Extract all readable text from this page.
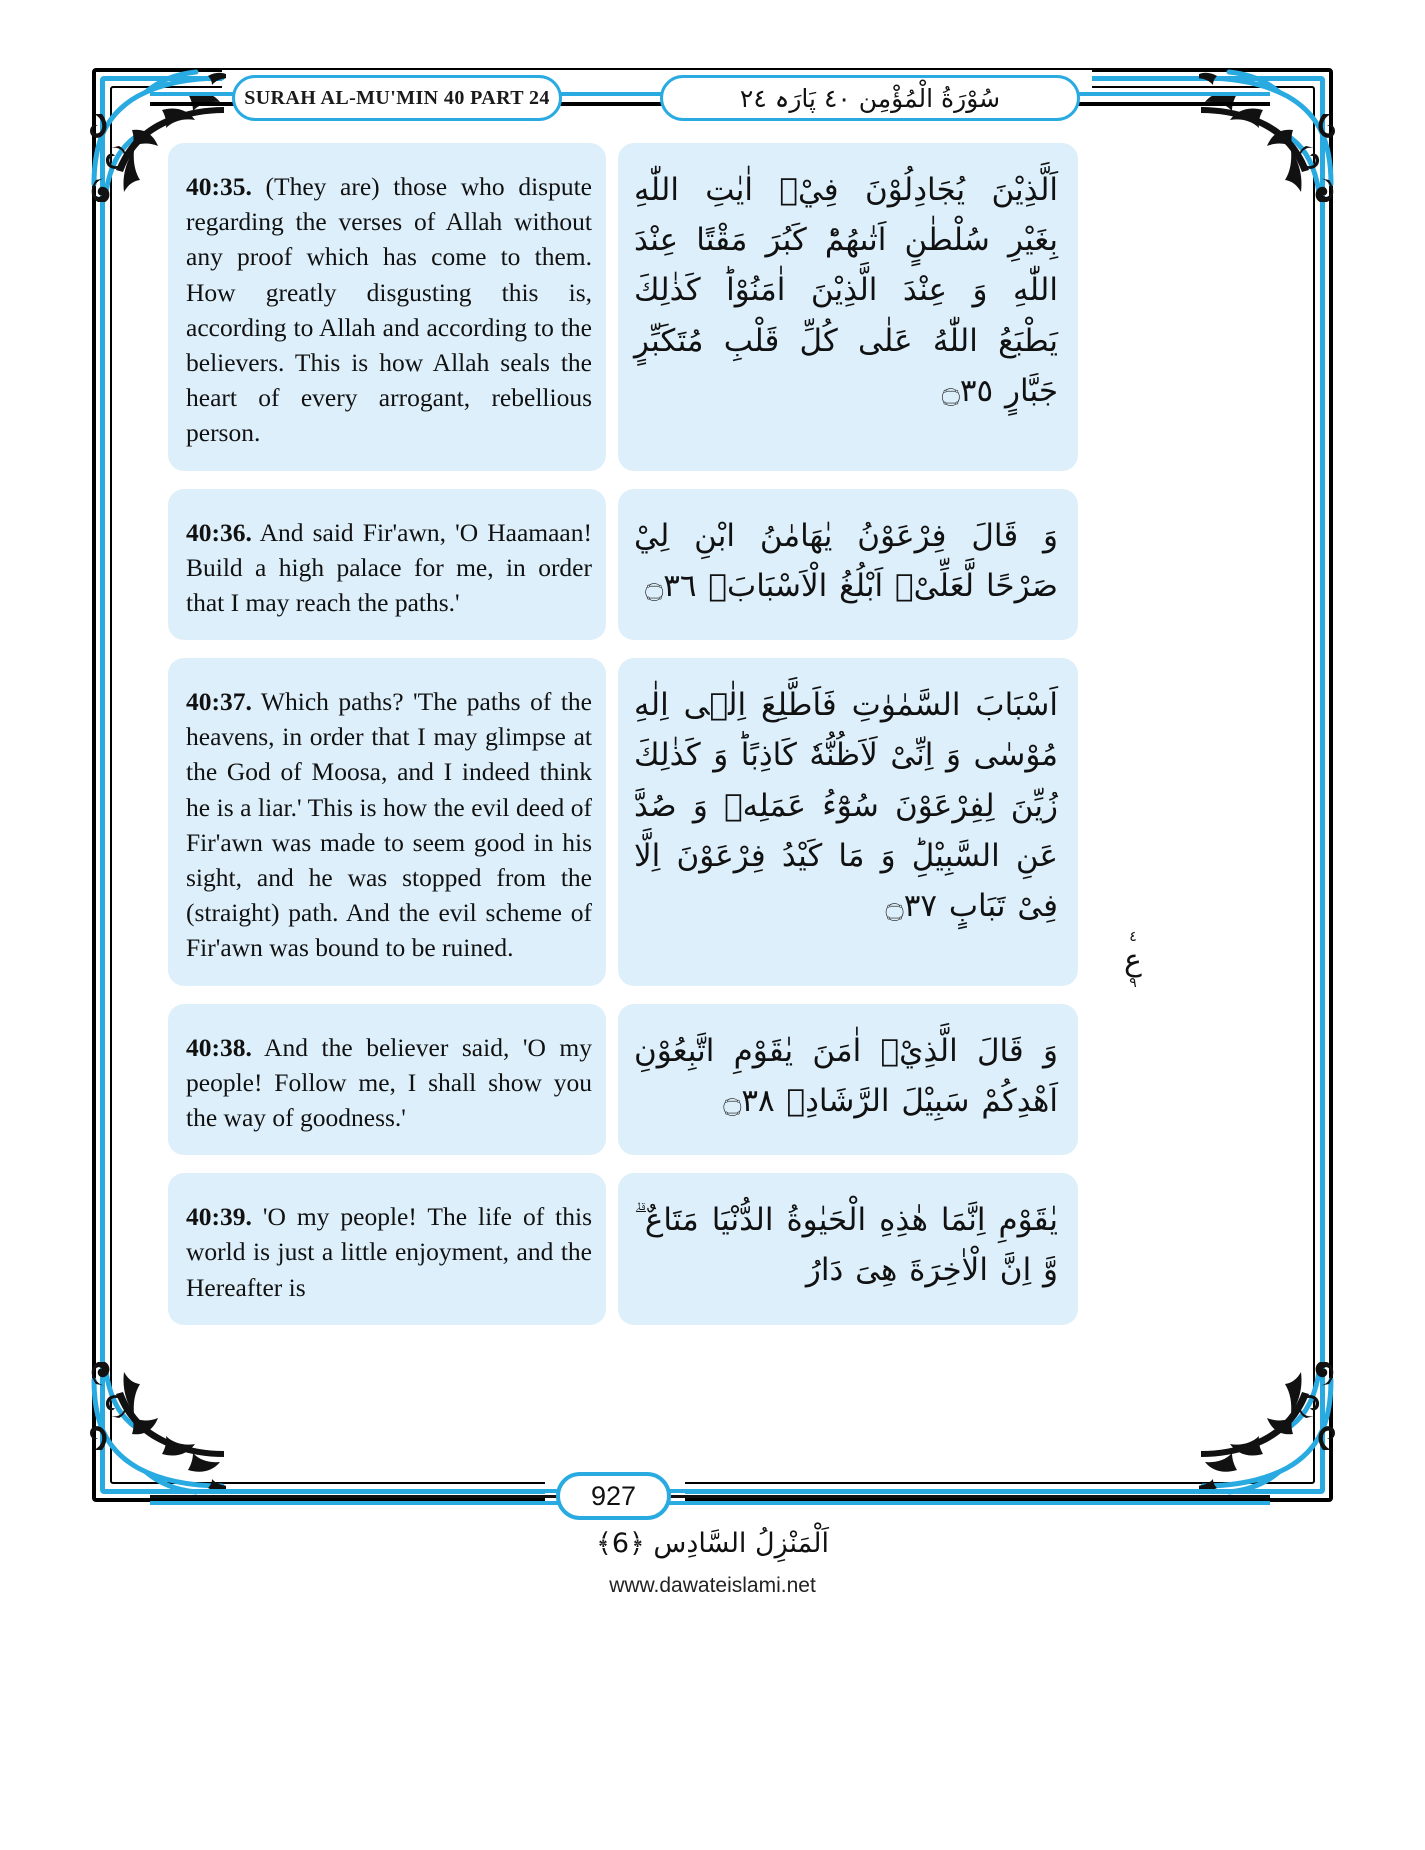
SURAH AL-MU'MIN 40 PART 24	سُوْرَةُ الْمُؤْمِن ٤٠ پَارَہ ٢٤
40:35. (They are) those who dispute regarding the verses of Allah without any proof which has come to them. How greatly disgusting this is, according to Allah and according to the believers. This is how Allah seals the heart of every arrogant, rebellious person.
اَلَّذِيْنَ يُجَادِلُوْنَ فِيْۤ اٰيٰتِ اللّٰهِ بِغَيْرِ سُلْطٰنٍ اَتٰىهُمْؕ كَبُرَ مَقْتًا عِنْدَ اللّٰهِ وَ عِنْدَ الَّذِيْنَ اٰمَنُوْاؕ كَذٰلِكَ يَطْبَعُ اللّٰهُ عَلٰى كُلِّ قَلْبِ مُتَكَبِّرٍ جَبَّارٍ ۝٣٥
40:36. And said Fir'awn, 'O Haamaan! Build a high palace for me, in order that I may reach the paths.'
وَ قَالَ فِرْعَوْنُ يٰهَامٰنُ ابْنِ لِيْ صَرْحًا لَّعَلِّیْۤ اَبْلُغُ الْاَسْبَابَۙ ۝٣٦
40:37. Which paths? 'The paths of the heavens, in order that I may glimpse at the God of Moosa, and I indeed think he is a liar.' This is how the evil deed of Fir'awn was made to seem good in his sight, and he was stopped from the (straight) path. And the evil scheme of Fir'awn was bound to be ruined.
اَسْبَابَ السَّمٰوٰتِ فَاَطَّلِعَ اِلٰۤى اِلٰهِ مُوْسٰى وَ اِنِّیْ لَاَظُنُّهٗ كَاذِبًاؕ وَ كَذٰلِكَ زُيِّنَ لِفِرْعَوْنَ سُوْٓءُ عَمَلِهٖ وَ صُدَّ عَنِ السَّبِيْلِؕ وَ مَا كَيْدُ فِرْعَوْنَ اِلَّا فِیْ تَبَابٍ ۝٣٧
40:38. And the believer said, 'O my people! Follow me, I shall show you the way of goodness.'
وَ قَالَ الَّذِيْۤ اٰمَنَ يٰقَوْمِ اتَّبِعُوْنِ اَهْدِكُمْ سَبِيْلَ الرَّشَادِۚ ۝٣٨
40:39. 'O my people! The life of this world is just a little enjoyment, and the Hereafter is
يٰقَوْمِ اِنَّمَا هٰذِهِ الْحَيٰوةُ الدُّنْيَا مَتَاعٌ ۗ وَّ اِنَّ الْاٰخِرَةَ هِیَ دَارُ
٤
ع
٩
927
اَلْمَنْزِلُ السَّادِس ﴿6﴾
www.dawateislami.net
